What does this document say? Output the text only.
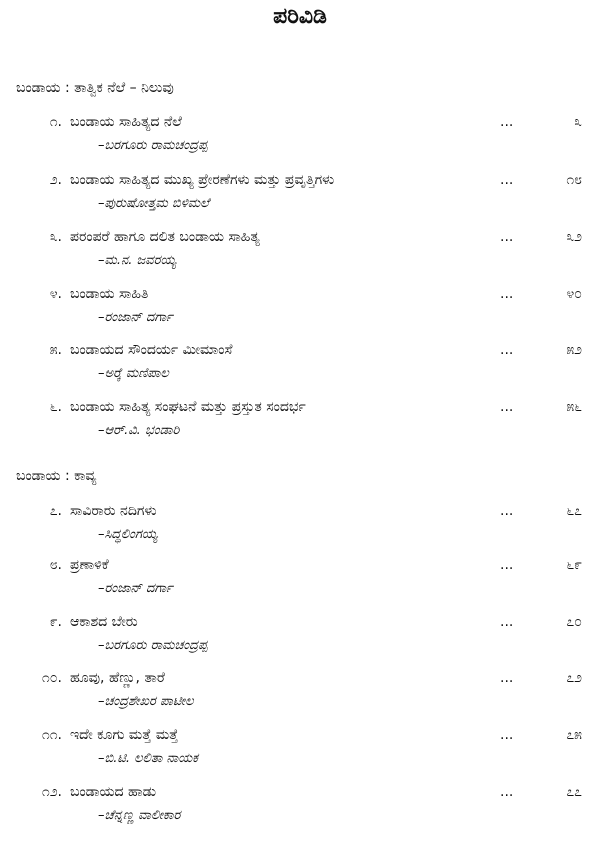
ಪರಿವಿಡಿ
ಬಂಡಾಯ : ತಾತ್ವಿಕ ನೆಲೆ – ನಿಲುವು
೧. ಬಂಡಾಯ ಸಾಹಿತ್ಯದ ನೆಲೆ	...	೩
–ಬರಗೂರು ರಾಮಚಂದ್ರಪ್ಪ
೨. ಬಂಡಾಯ ಸಾಹಿತ್ಯದ ಮುಖ್ಯ ಪ್ರೇರಣೆಗಳು ಮತ್ತು ಪ್ರವೃತ್ತಿಗಳು	...	೧೮
–ಪುರುಷೋತ್ತಮ ಬಿಳಿಮಲೆ
೩. ಪರಂಪರೆ ಹಾಗೂ ದಲಿತ ಬಂಡಾಯ ಸಾಹಿತ್ಯ	...	೩೨
–ಮ.ನ. ಜವರಯ್ಯ
೪. ಬಂಡಾಯ ಸಾಹಿತಿ	...	೪೦
–ರಂಜಾನ್ ದರ್ಗಾ
೫. ಬಂಡಾಯದ ಸೌಂದರ್ಯ ಮೀಮಾಂಸೆ	...	೫೨
–ಅರ್‍ಕೆ ಮಣಿಪಾಲ
೬. ಬಂಡಾಯ ಸಾಹಿತ್ಯ ಸಂಘಟನೆ ಮತ್ತು ಪ್ರಸ್ತುತ ಸಂದರ್ಭ	...	೫೬
–ಆರ್.ವಿ. ಭಂಡಾರಿ
ಬಂಡಾಯ : ಕಾವ್ಯ
೭. ಸಾವಿರಾರು ನದಿಗಳು	...	೬೭
–ಸಿದ್ಧಲಿಂಗಯ್ಯ
೮. ಪ್ರಣಾಳಿಕೆ	...	೬೯
–ರಂಜಾನ್ ದರ್ಗಾ
೯. ಆಕಾಶದ ಬೇರು	...	೭೦
–ಬರಗೂರು ರಾಮಚಂದ್ರಪ್ಪ
೧೦. ಹೂವು, ಹೆಣ್ಣು, ತಾರೆ	...	೭೨
–ಚಂದ್ರಶೇಖರ ಪಾಟೀಲ
೧೧. ಇದೇ ಕೂಗು ಮತ್ತೆ ಮತ್ತೆ	...	೭೫
–ಬಿ.ಟಿ. ಲಲಿತಾ ನಾಯಕ
೧೨. ಬಂಡಾಯದ ಹಾಡು	...	೭೭
–ಚೆನ್ನಣ್ಣ ವಾಲೀಕಾರ
